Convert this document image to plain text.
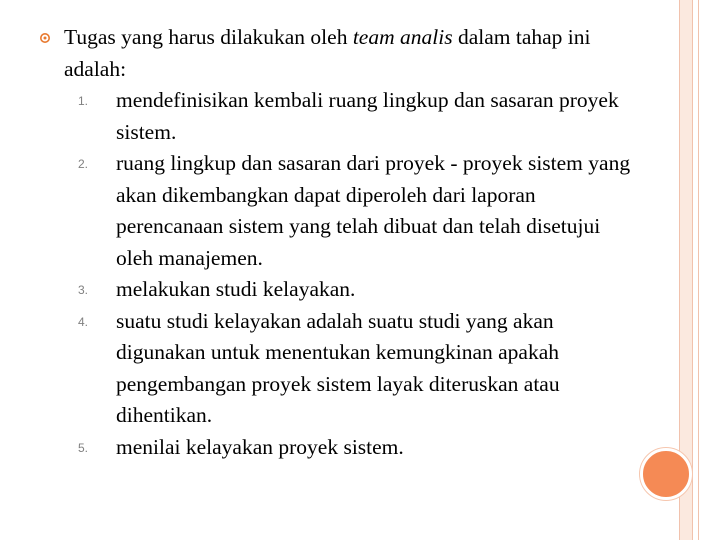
Tugas yang harus dilakukan oleh team analis dalam tahap ini adalah:
1. mendefinisikan kembali ruang lingkup dan sasaran proyek sistem.
2. ruang lingkup dan sasaran dari proyek - proyek sistem yang akan dikembangkan dapat diperoleh dari laporan perencanaan sistem yang telah dibuat dan telah disetujui oleh manajemen.
3. melakukan studi kelayakan.
4. suatu studi kelayakan adalah suatu studi yang akan digunakan untuk menentukan kemungkinan apakah pengembangan proyek sistem layak diteruskan atau dihentikan.
5. menilai kelayakan proyek sistem.
